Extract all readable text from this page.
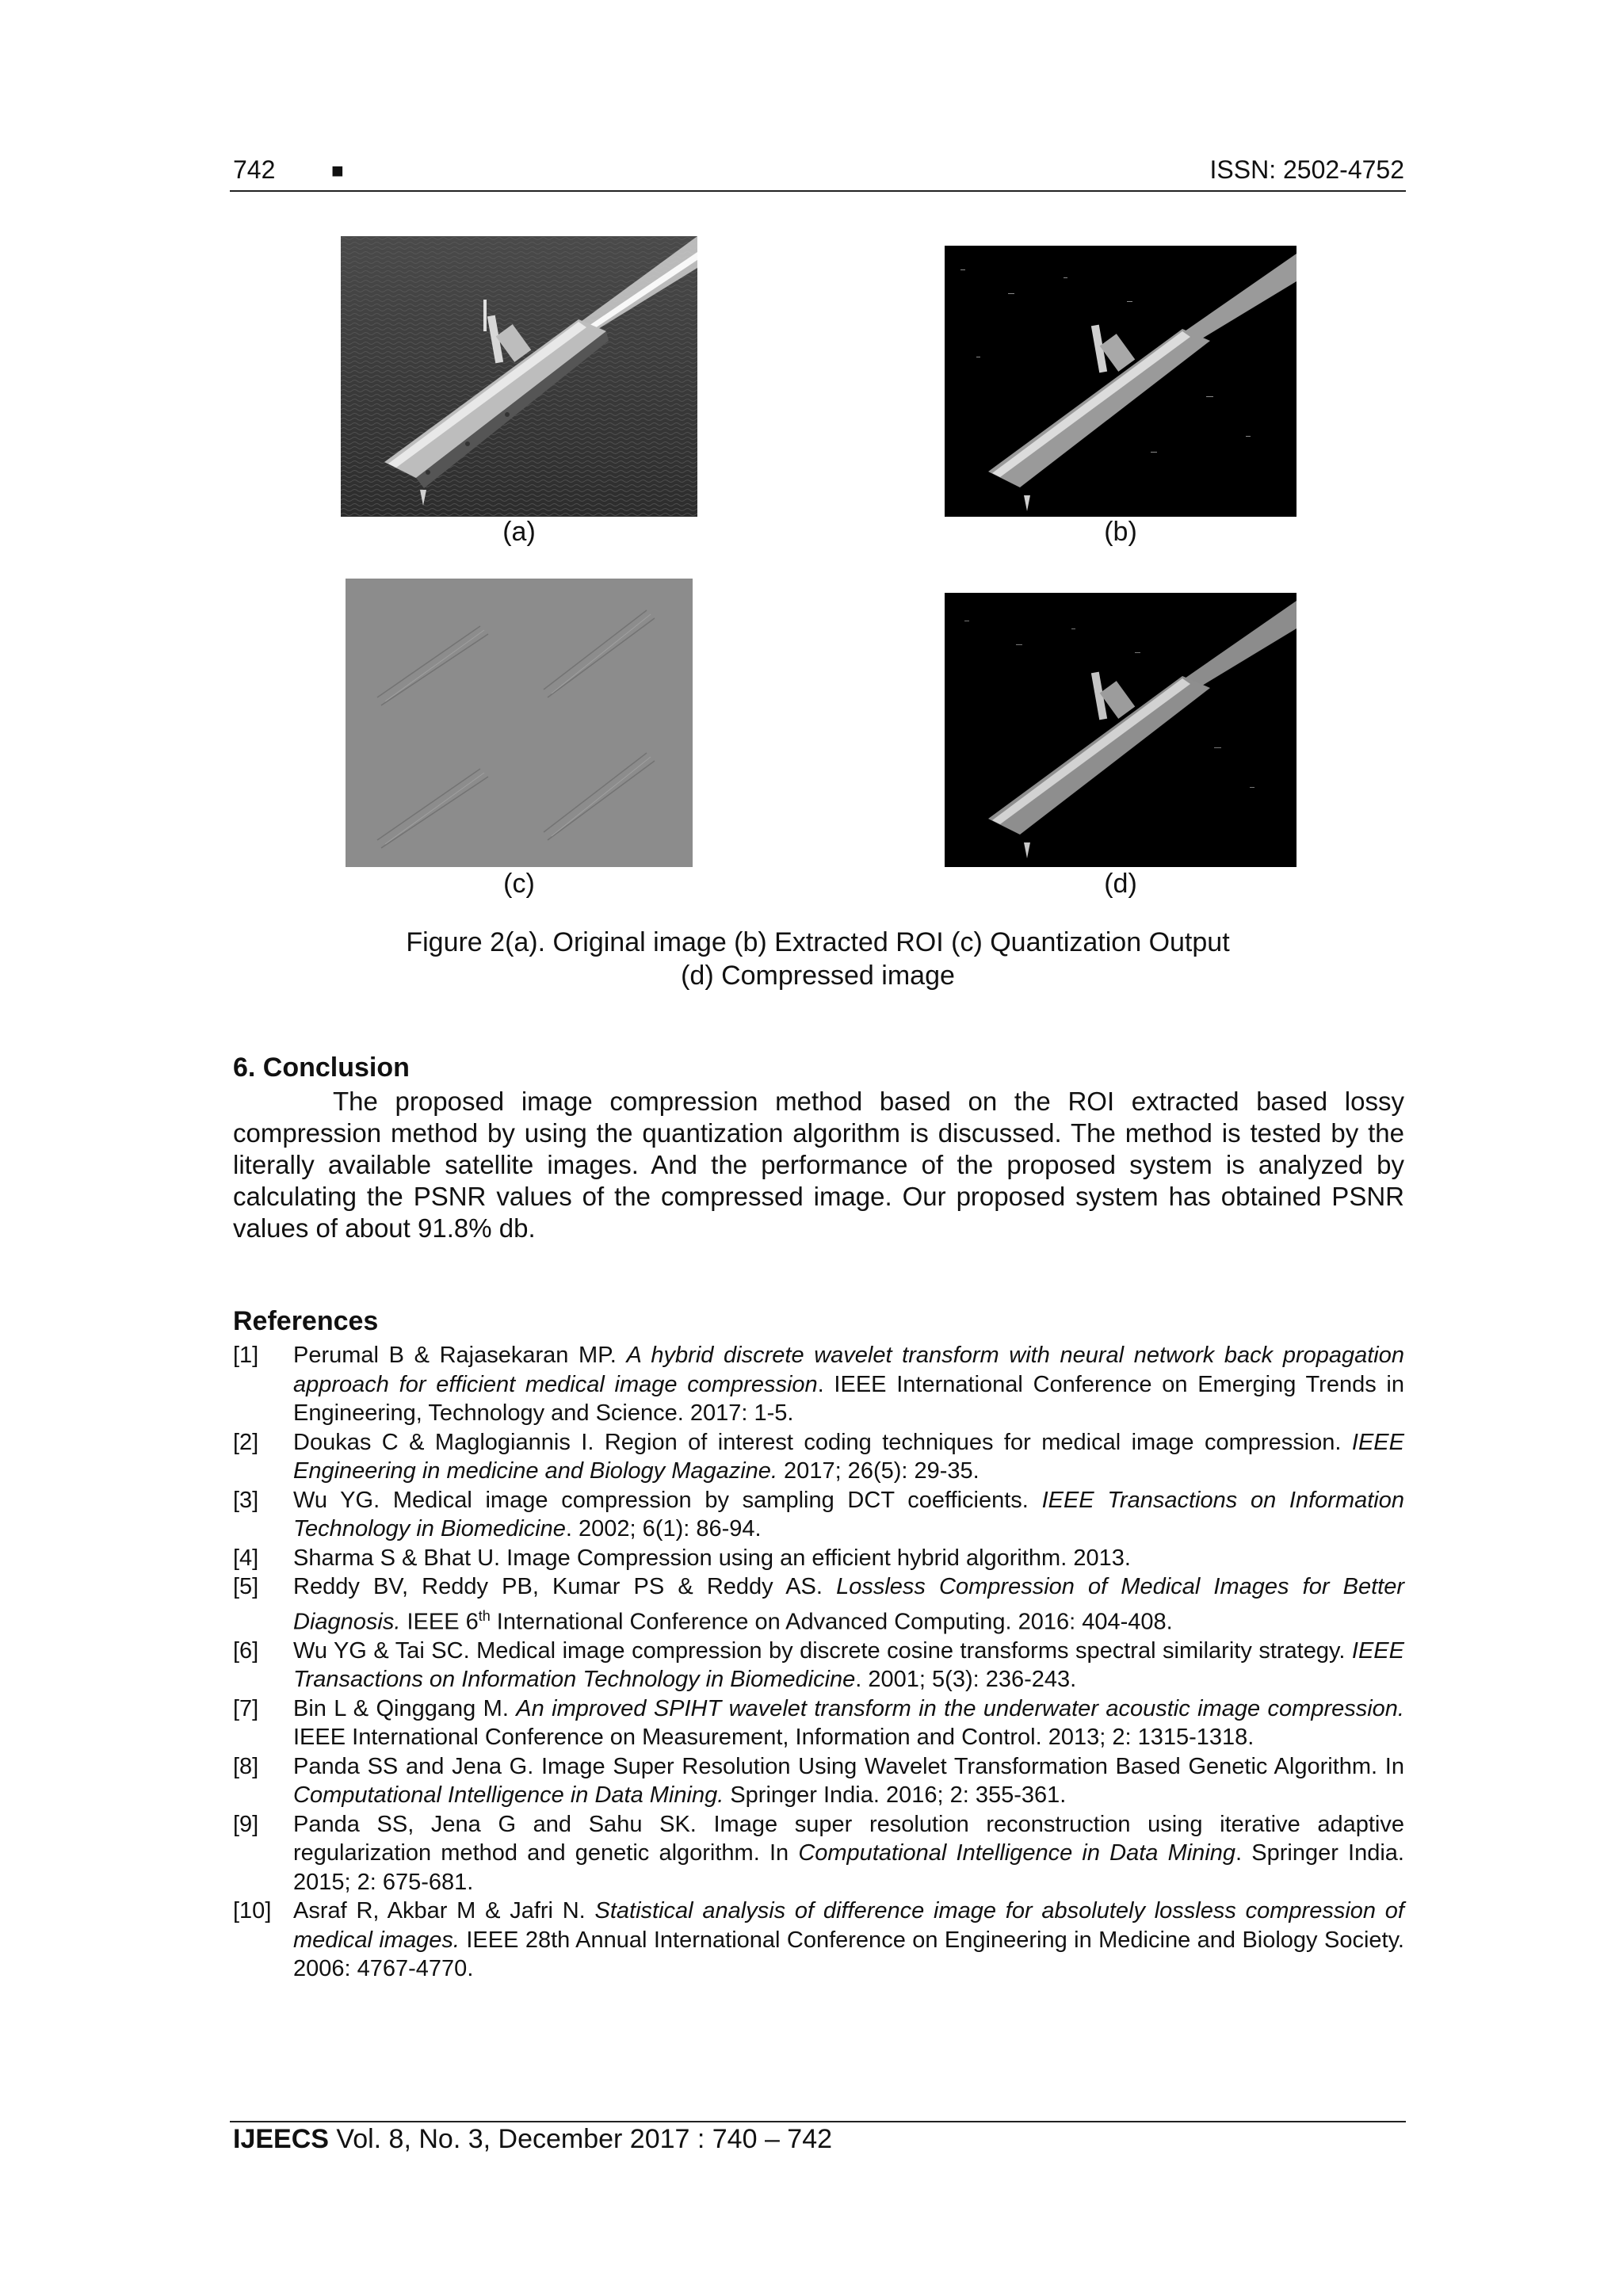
742	■	ISSN: 2502-4752
(a)	(b)
(c)	(d)
Figure 2(a). Original image (b) Extracted ROI (c) Quantization Output
(d) Compressed image
6. Conclusion

The proposed image compression method based on the ROI extracted based lossy compression method by using the quantization algorithm is discussed. The method is tested by the literally available satellite images. And the performance of the proposed system is analyzed by calculating the PSNR values of the compressed image. Our proposed system has obtained PSNR values of about 91.8% db.

References
[1]	Perumal B & Rajasekaran MP. A hybrid discrete wavelet transform with neural network back propagation approach for efficient medical image compression. IEEE International Conference on Emerging Trends in Engineering, Technology and Science. 2017: 1-5.
[2]	Doukas C & Maglogiannis I. Region of interest coding techniques for medical image compression. IEEE Engineering in medicine and Biology Magazine. 2017; 26(5): 29-35.
[3]	Wu YG. Medical image compression by sampling DCT coefficients. IEEE Transactions on Information Technology in Biomedicine. 2002; 6(1): 86-94.
[4]	Sharma S & Bhat U. Image Compression using an efficient hybrid algorithm. 2013.
[5]	Reddy BV, Reddy PB, Kumar PS & Reddy AS. Lossless Compression of Medical Images for Better Diagnosis. IEEE 6th International Conference on Advanced Computing. 2016: 404-408.
[6]	Wu YG & Tai SC. Medical image compression by discrete cosine transforms spectral similarity strategy. IEEE Transactions on Information Technology in Biomedicine. 2001; 5(3): 236-243.
[7]	Bin L & Qinggang M. An improved SPIHT wavelet transform in the underwater acoustic image compression. IEEE International Conference on Measurement, Information and Control. 2013; 2: 1315-1318.
[8]	Panda SS and Jena G. Image Super Resolution Using Wavelet Transformation Based Genetic Algorithm. In Computational Intelligence in Data Mining. Springer India. 2016; 2: 355-361.
[9]	Panda SS, Jena G and Sahu SK. Image super resolution reconstruction using iterative adaptive regularization method and genetic algorithm. In Computational Intelligence in Data Mining. Springer India. 2015; 2: 675-681.
[10] Asraf R, Akbar M & Jafri N. Statistical analysis of difference image for absolutely lossless compression of medical images. IEEE 28th Annual International Conference on Engineering in Medicine and Biology Society. 2006: 4767-4770.
IJEECS Vol. 8, No. 3, December 2017 : 740 – 742
